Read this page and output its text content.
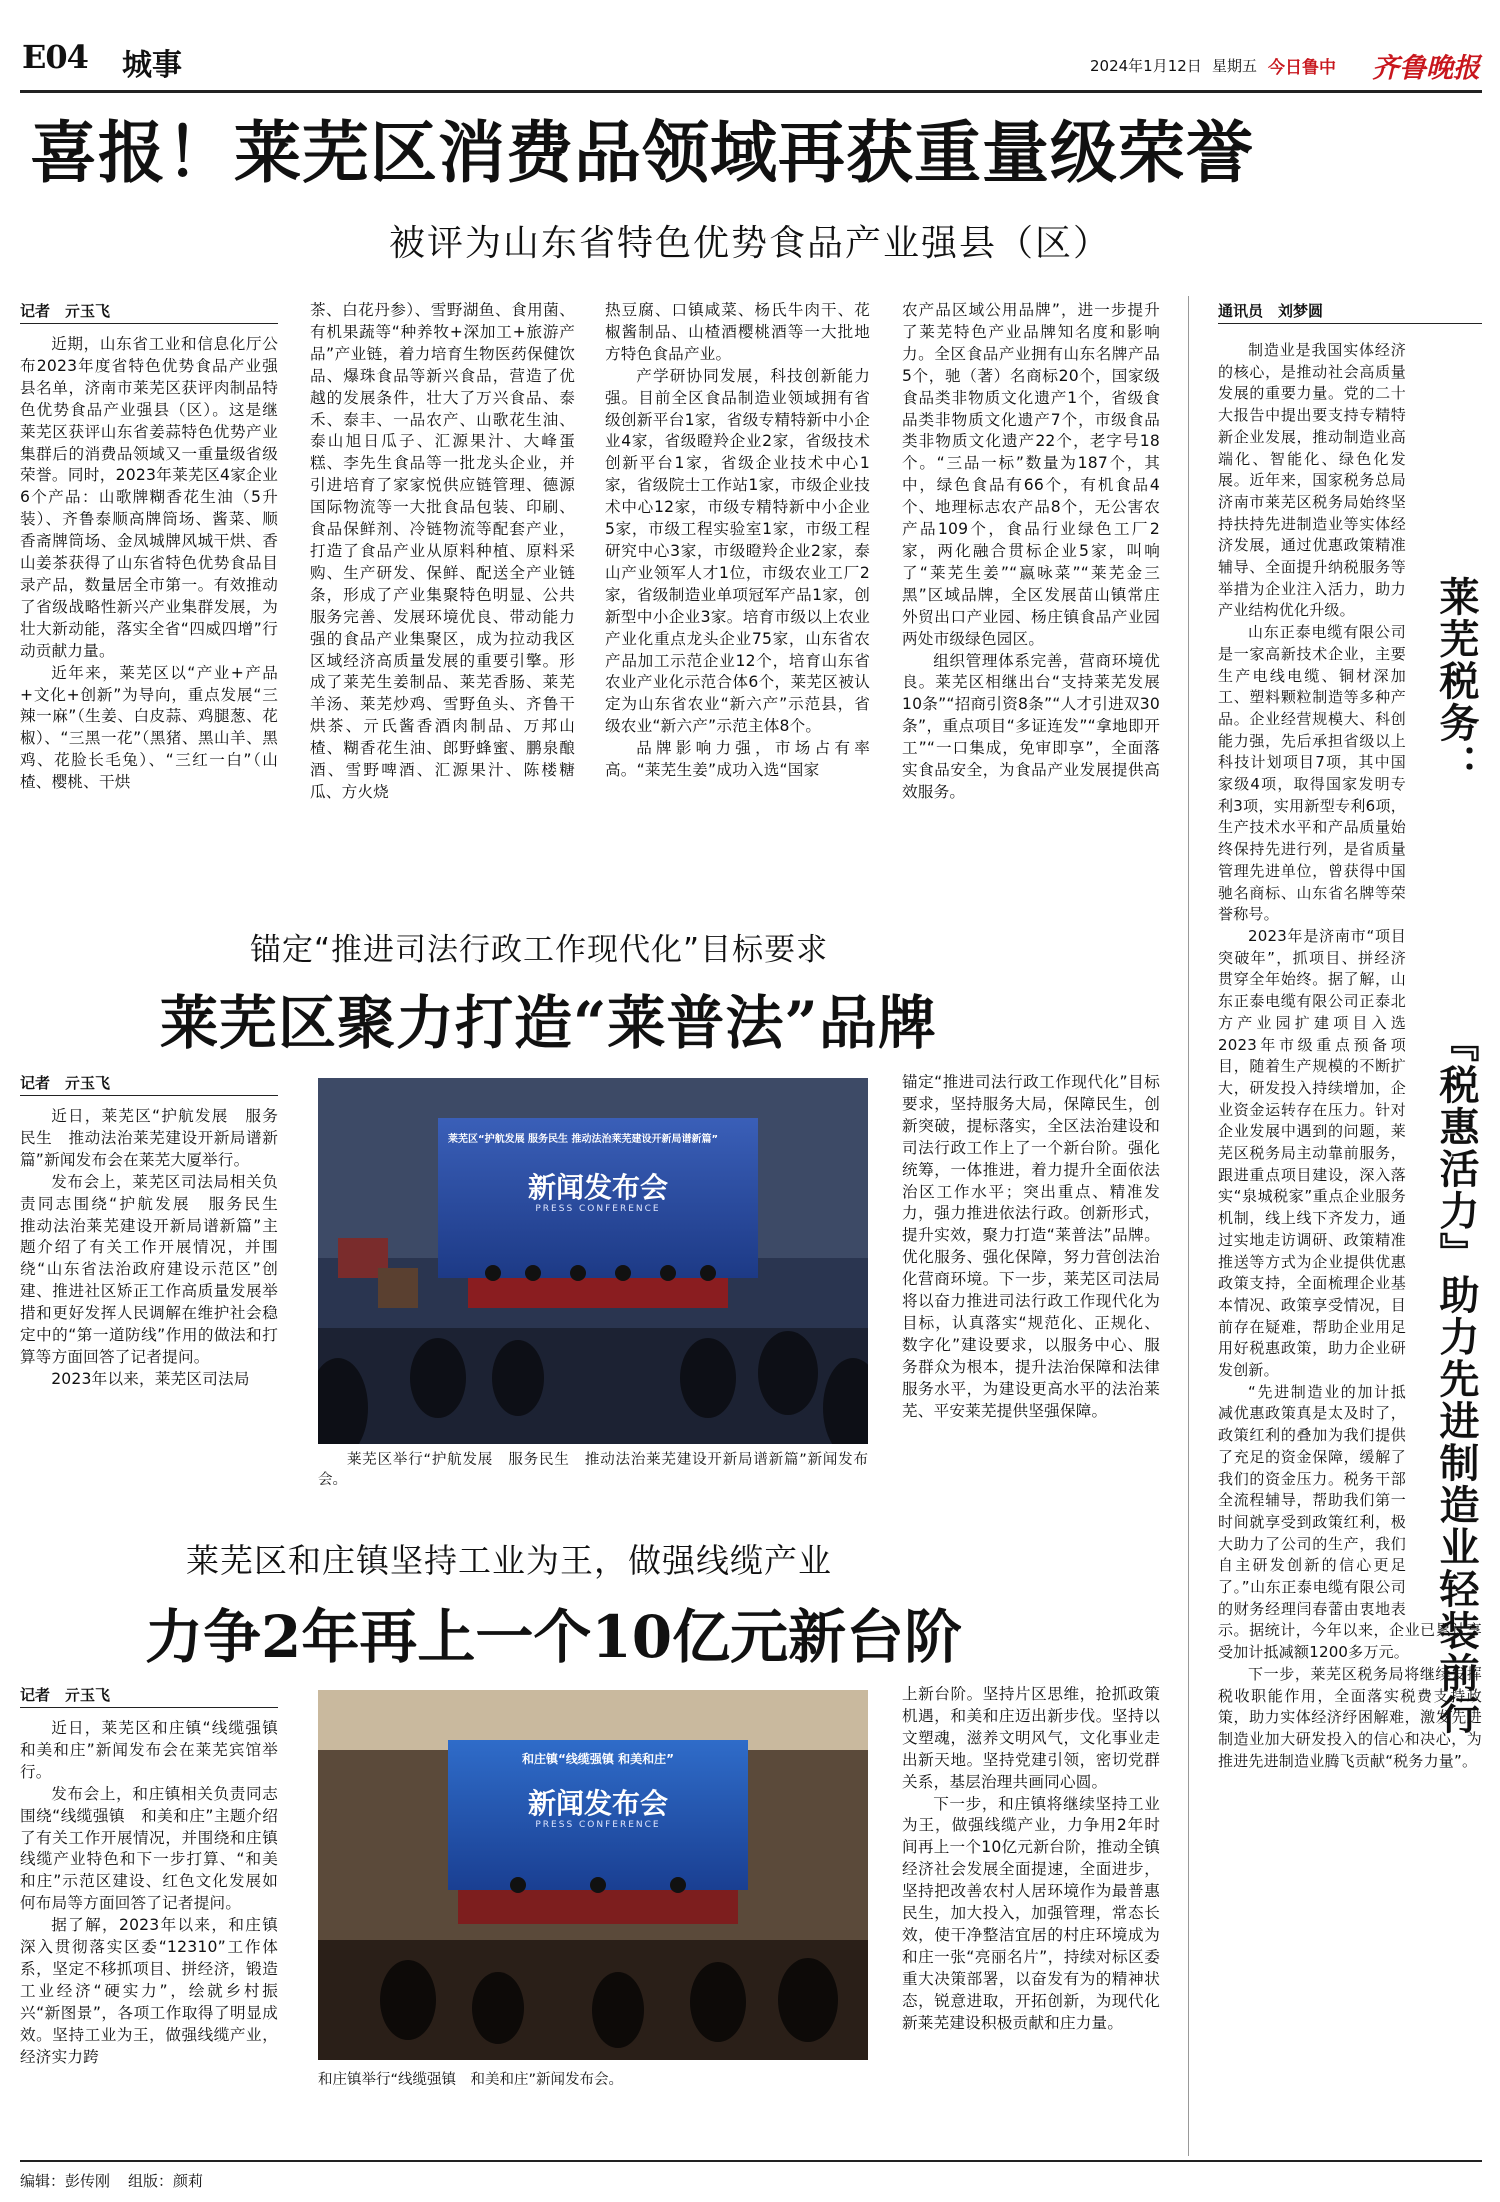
E04 城事	2024年1月12日 星期五 今日鲁中 齐鲁晚报
喜报！莱芜区消费品领域再获重量级荣誉
被评为山东省特色优势食品产业强县（区）
记者　亓玉飞

近期，山东省工业和信息化厅公布2023年度省特色优势食品产业强县名单，济南市莱芜区获评肉制品特色优势食品产业强县（区）。这是继莱芜区获评山东省姜蒜特色优势产业集群后的消费品领域又一重量级省级荣誉。同时，2023年莱芜区4家企业6个产品：山歌牌糊香花生油（5升装）、齐鲁泰顺高牌筒场、酱菜、顺香斋牌筒场、金凤城牌风城干烘、香山姜茶获得了山东省特色优势食品目录产品，数量居全市第一。有效推动了省级战略性新兴产业集群发展，为壮大新动能，落实全省“四威四增”行动贡献力量。

近年来，莱芜区以“产业+产品+文化+创新”为导向，重点发展“三辣一麻”（生姜、白皮蒜、鸡腿葱、花椒）、“三黑一花”（黑猪、黑山羊、黑鸡、花脸长毛兔）、“三红一白”（山楂、樱桃、干烘

茶、白花丹参）、雪野湖鱼、食用菌、有机果蔬等“种养牧+深加工+旅游产品”产业链，着力培育生物医药保健饮品、爆珠食品等新兴食品，营造了优越的发展条件，壮大了万兴食品、泰禾、泰丰、一品农产、山歌花生油、泰山旭日瓜子、汇源果汁、大峰蛋糕、李先生食品等一批龙头企业，并引进培育了家家悦供应链管理、德源国际物流等一大批食品包装、印刷、食品保鲜剂、冷链物流等配套产业，打造了食品产业从原料种植、原料采购、生产研发、保鲜、配送全产业链条，形成了产业集聚特色明显、公共服务完善、发展环境优良、带动能力强的食品产业集聚区，成为拉动我区区域经济高质量发展的重要引擎。形成了莱芜生姜制品、莱芜香肠、莱芜羊汤、莱芜炒鸡、雪野鱼头、齐鲁干烘茶、亓氏酱香酒肉制品、万邦山楂、糊香花生油、郎野蜂蜜、鹏泉酿酒、雪野啤酒、汇源果汁、陈楼糖瓜、方火烧

热豆腐、口镇咸菜、杨氏牛肉干、花椒酱制品、山楂酒樱桃酒等一大批地方特色食品产业。

产学研协同发展，科技创新能力强。目前全区食品制造业领域拥有省级创新平台1家，省级专精特新中小企业4家，省级瞪羚企业2家，省级技术创新平台1家，省级企业技术中心1家，省级院士工作站1家，市级企业技术中心12家，市级专精特新中小企业5家，市级工程实验室1家，市级工程研究中心3家，市级瞪羚企业2家，泰山产业领军人才1位，市级农业工厂2家，省级制造业单项冠军产品1家，创新型中小企业3家。培育市级以上农业产业化重点龙头企业75家，山东省农产品加工示范企业12个，培育山东省农业产业化示范合体6个，莱芜区被认定为山东省农业“新六产”示范县，省级农业“新六产”示范主体8个。

品牌影响力强，市场占有率高。“莱芜生姜”成功入选“国家

农产品区域公用品牌”，进一步提升了莱芜特色产业品牌知名度和影响力。全区食品产业拥有山东名牌产品5个，驰（著）名商标20个，国家级食品类非物质文化遗产1个，省级食品类非物质文化遗产7个，市级食品类非物质文化遗产22个，老字号18个。“三品一标”数量为187个，其中，绿色食品有66个，有机食品4个、地理标志农产品8个，无公害农产品109个，食品行业绿色工厂2家，两化融合贯标企业5家，叫响了“莱芜生姜”“嬴咏菜”“莱芜金三黑”区域品牌，全区发展苗山镇常庄外贸出口产业园、杨庄镇食品产业园两处市级绿色园区。

组织管理体系完善，营商环境优良。莱芜区相继出台“支持莱芜发展10条”“招商引资8条”“人才引进双30条”，重点项目“多证连发”“拿地即开工”“一口集成，免审即享”，全面落实食品安全，为食品产业发展提供高效服务。

锚定“推进司法行政工作现代化”目标要求
莱芜区聚力打造“莱普法”品牌
记者　亓玉飞

近日，莱芜区“护航发展　服务民生　推动法治莱芜建设开新局谱新篇”新闻发布会在莱芜大厦举行。

发布会上，莱芜区司法局相关负责同志围绕“护航发展　服务民生　推动法治莱芜建设开新局谱新篇”主题介绍了有关工作开展情况，并围绕“山东省法治政府建设示范区”创建、推进社区矫正工作高质量发展举措和更好发挥人民调解在维护社会稳定中的“第一道防线”作用的做法和打算等方面回答了记者提问。

2023年以来，莱芜区司法局

莱芜区“护航发展 服务民生 推动法治莱芜建设开新局谱新篇”
新闻发布会
PRESS CONFERENCE
莱芜区举行“护航发展　服务民生　推动法治莱芜建设开新局谱新篇”新闻发布会。

锚定“推进司法行政工作现代化”目标要求，坚持服务大局，保障民生，创新突破，提标落实，全区法治建设和司法行政工作上了一个新台阶。强化统筹，一体推进，着力提升全面依法治区工作水平；突出重点、精准发力，强力推进依法行政。创新形式，提升实效，聚力打造“莱普法”品牌。优化服务、强化保障，努力营创法治化营商环境。下一步，莱芜区司法局将以奋力推进司法行政工作现代化为目标，认真落实“规范化、正规化、数字化”建设要求，以服务中心、服务群众为根本，提升法治保障和法律服务水平，为建设更高水平的法治莱芜、平安莱芜提供坚强保障。

莱芜区和庄镇坚持工业为王，做强线缆产业
力争2年再上一个10亿元新台阶
记者　亓玉飞

近日，莱芜区和庄镇“线缆强镇　和美和庄”新闻发布会在莱芜宾馆举行。

发布会上，和庄镇相关负责同志围绕“线缆强镇　和美和庄”主题介绍了有关工作开展情况，并围绕和庄镇线缆产业特色和下一步打算、“和美和庄”示范区建设、红色文化发展如何布局等方面回答了记者提问。

据了解，2023年以来，和庄镇深入贯彻落实区委“12310”工作体系，坚定不移抓项目、拼经济，锻造工业经济“硬实力”，绘就乡村振兴“新图景”，各项工作取得了明显成效。坚持工业为王，做强线缆产业，经济实力跨

和庄镇“线缆强镇 和美和庄”
新闻发布会
PRESS CONFERENCE
和庄镇举行“线缆强镇　和美和庄”新闻发布会。

上新台阶。坚持片区思维，抢抓政策机遇，和美和庄迈出新步伐。坚持以文塑魂，滋养文明风气，文化事业走出新天地。坚持党建引领，密切党群关系，基层治理共画同心圆。

下一步，和庄镇将继续坚持工业为王，做强线缆产业，力争用2年时间再上一个10亿元新台阶，推动全镇经济社会发展全面提速，全面进步，坚持把改善农村人居环境作为最普惠民生，加大投入，加强管理，常态长效，使干净整洁宜居的村庄环境成为和庄一张“亮丽名片”，持续对标区委重大决策部署，以奋发有为的精神状态，锐意进取，开拓创新，为现代化新莱芜建设积极贡献和庄力量。

通讯员　刘梦圆
莱芜税务：
『税惠活力』助力先进制造业轻装前行

制造业是我国实体经济的核心，是推动社会高质量发展的重要力量。党的二十大报告中提出要支持专精特新企业发展，推动制造业高端化、智能化、绿色化发展。近年来，国家税务总局济南市莱芜区税务局始终坚持扶持先进制造业等实体经济发展，通过优惠政策精准辅导、全面提升纳税服务等举措为企业注入活力，助力产业结构优化升级。

山东正泰电缆有限公司是一家高新技术企业，主要生产电线电缆、铜材深加工、塑料颗粒制造等多种产品。企业经营规模大、科创能力强，先后承担省级以上科技计划项目7项，其中国家级4项，取得国家发明专利3项，实用新型专利6项，生产技术水平和产品质量始终保持先进行列，是省质量管理先进单位，曾获得中国驰名商标、山东省名牌等荣誉称号。

2023年是济南市“项目突破年”，抓项目、拼经济贯穿全年始终。据了解，山东正泰电缆有限公司正泰北方产业园扩建项目入选2023年市级重点预备项目，随着生产规模的不断扩大，研发投入持续增加，企业资金运转存在压力。针对企业发展中遇到的问题，莱芜区税务局主动靠前服务，跟进重点项目建设，深入落实“泉城税家”重点企业服务机制，线上线下齐发力，通过实地走访调研、政策精准推送等方式为企业提供优惠政策支持，全面梳理企业基本情况、政策享受情况，目前存在疑难，帮助企业用足用好税惠政策，助力企业研发创新。

“先进制造业的加计抵减优惠政策真是太及时了，政策红利的叠加为我们提供了充足的资金保障，缓解了我们的资金压力。税务干部全流程辅导，帮助我们第一时间就享受到政策红利，极大助力了公司的生产，我们自主研发创新的信心更足了。”山东正泰电缆有限公司的财务经理闫春蕾由衷地表示。据统计，今年以来，企业已累计享受加计抵减额1200多万元。

下一步，莱芜区税务局将继续发挥税收职能作用，全面落实税费支持政策，助力实体经济纾困解难，激发先进制造业加大研发投入的信心和决心，为推进先进制造业腾飞贡献“税务力量”。

编辑：彭传刚 组版：颜莉
